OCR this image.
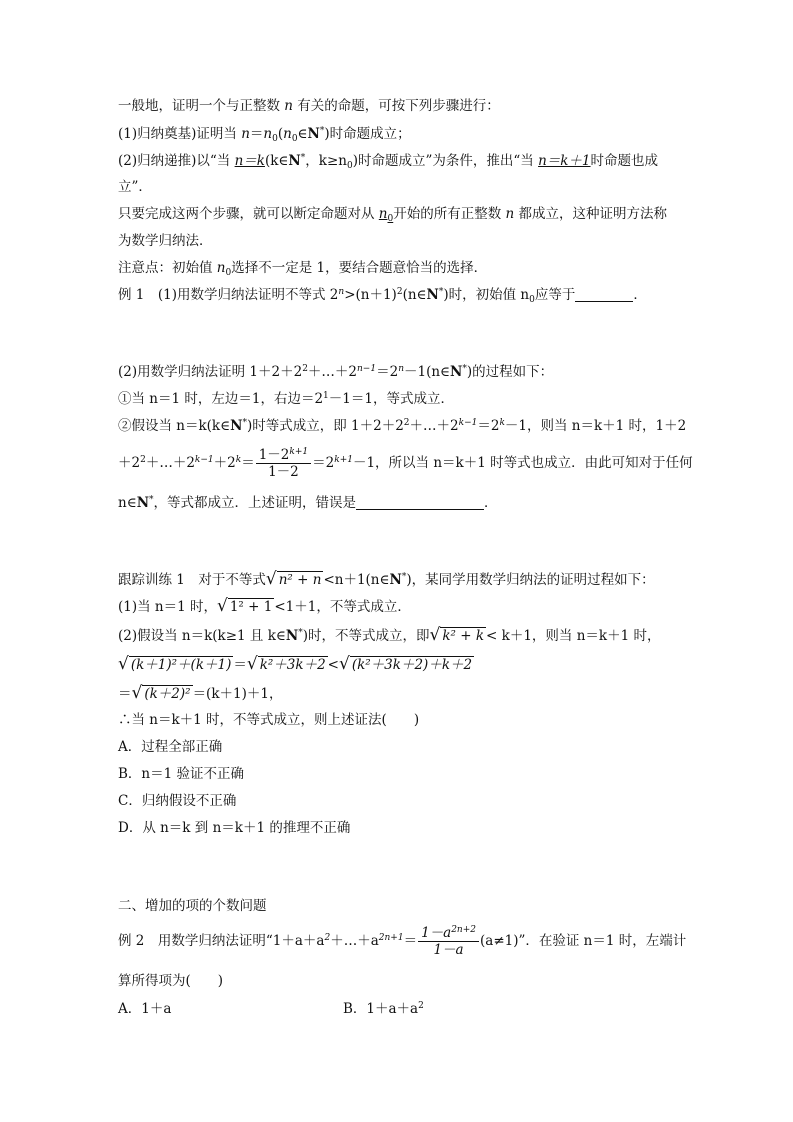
一般地，证明一个与正整数 n 有关的命题，可按下列步骤进行：
(1)归纳奠基)证明当 $n=n_0(n_0\in N^*)$时命题成立；
(2)归纳递推)以“当 n＝k(k∈N*，$k\ge n_0$)时命题成立”为条件，推出“当 n＝k＋1时命题也成
立”．
只要完成这两个步骤，就可以断定命题对从 $n_0$开始的所有正整数 n 都成立，这种证明方法称
为数学归纳法．
注意点：初始值 $n_0$选择不一定是 1，要结合题意恰当的选择．
例 1　(1)用数学归纳法证明不等式 $2^n>(n+1)^2(n\in N^*)$时，初始值 $n_0$应等于	．
(2)用数学归纳法证明 $1+2+2^2+\dots+2^{n-1}=2^n-1(n\in N^*)$的过程如下：
①当 n＝1 时，左边＝1，右边$=2^1-1=1$，等式成立．
②假设当 n＝k(k∈N*)时等式成立，即 $1+2+2^2+\dots+2^{k-1}=2^k-1$，则当 n＝k＋1 时，1＋2
$+2^2+\dots+2^{k-1}+2^k= \frac{1-2^{k+1}}{1-2} =2^{k+1}-1$，所以当 n＝k＋1 时等式也成立．由此可知对于任何
n∈N*，等式都成立．上述证明，错误是	．
跟踪训练 1　对于不等式√ n² + n <n＋1(n∈N*)，某同学用数学归纳法的证明过程如下：
(1)当 n＝1 时，√ 1² + 1 <1＋1，不等式成立．
(2)假设当 n＝k(k≥1 且 k∈N*)时，不等式成立，即√ k² + k < k＋1，则当 n＝k＋1 时，
√ (k＋1)²＋(k＋1) ＝√ k²＋3k＋2 <√ (k²＋3k＋2)＋k＋2
＝√ (k＋2)² ＝(k＋1)＋1，
∴当 n＝k＋1 时，不等式成立，则上述证法(　　)
A．过程全部正确
B．n＝1 验证不正确
C．归纳假设不正确
D．从 n＝k 到 n＝k＋1 的推理不正确
二、增加的项的个数问题
例 2　用数学归纳法证明“$1+a+a^2+\dots+a^{2n+1}= \frac{1-a^{2n+2}}{1-a} (a\ne 1)$”．在验证 n＝1 时，左端计
算所得项为(　　)
A．1＋a	B．$1+a+a^2$
